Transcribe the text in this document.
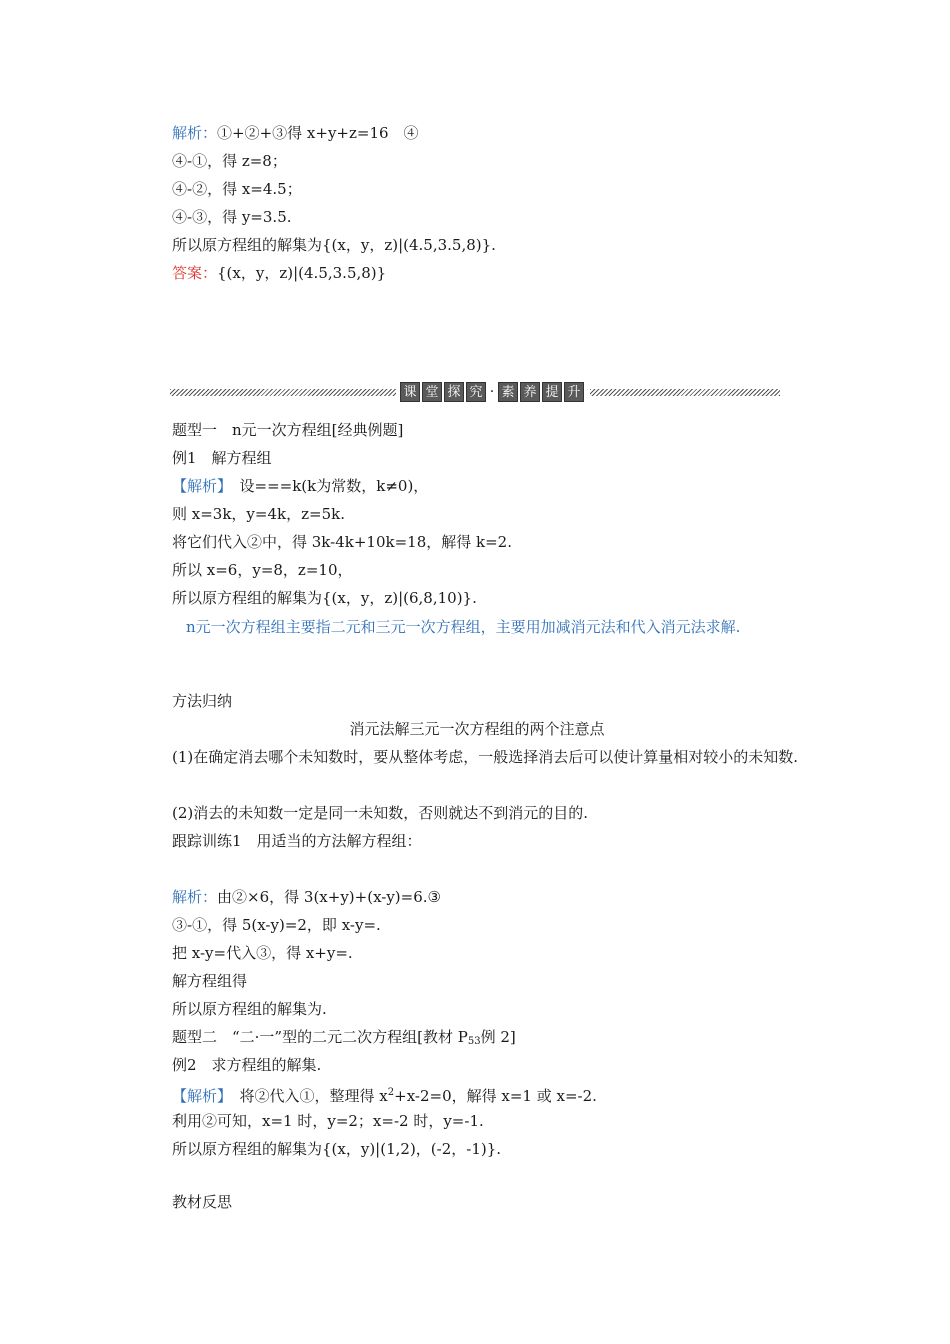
解析：①+②+③得 x+y+z=16　④
④-①，得 z=8；
④-②，得 x=4.5；
④-③，得 y=3.5.
所以原方程组的解集为{(x，y，z)|(4.5,3.5,8)}.
答案：{(x，y，z)|(4.5,3.5,8)}
课 堂 探 究 · 素 养 提 升
题型一　n元一次方程组[经典例题]
例1　解方程组
【解析】　设===k(k为常数，k≠0)，
则 x=3k，y=4k，z=5k.
将它们代入②中，得 3k-4k+10k=18，解得 k=2.
所以 x=6，y=8，z=10，
所以原方程组的解集为{(x，y，z)|(6,8,10)}.
n元一次方程组主要指二元和三元一次方程组，主要用加减消元法和代入消元法求解.
方法归纳
消元法解三元一次方程组的两个注意点
(1)在确定消去哪个未知数时，要从整体考虑，一般选择消去后可以使计算量相对较小的未知数.
(2)消去的未知数一定是同一未知数，否则就达不到消元的目的.
跟踪训练1　用适当的方法解方程组：
解析：由②×6，得 3(x+y)+(x-y)=6.③
③-①，得 5(x-y)=2，即 x-y=.
把 x-y=代入③，得 x+y=.
解方程组得
所以原方程组的解集为.
题型二　“二·一”型的二元二次方程组[教材 $P_{53}$例 2]
例2　求方程组的解集.
【解析】　将②代入①，整理得 $x^2+x-2=0$，解得 x=1 或 x=-2.
利用②可知，x=1 时，y=2；x=-2 时，y=-1.
所以原方程组的解集为{(x，y)|(1,2)，(-2，-1)}.
教材反思
